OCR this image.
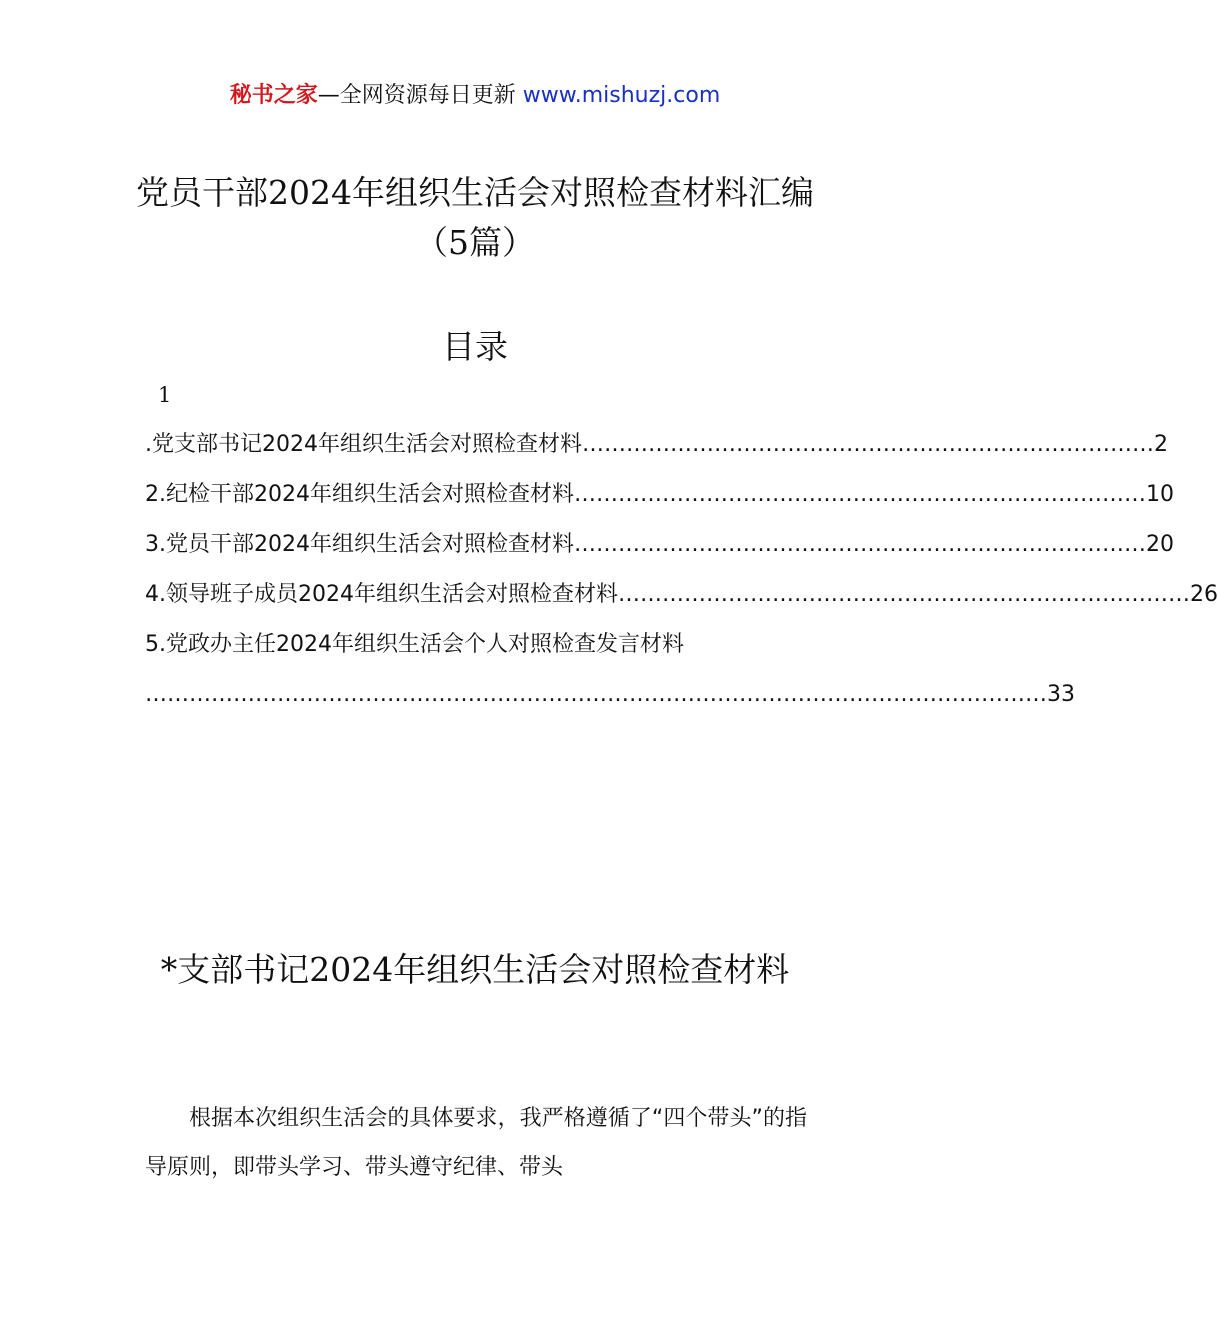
秘书之家—全网资源每日更新 www.mishuzj.com
党员干部2024年组织生活会对照检查材料汇编（5篇）
目录
1
.党支部书记2024年组织生活会对照检查材料 …………………………………………………………………… 2
2.纪检干部2024年组织生活会对照检查材料 …………………………………………………………………… 10
3.党员干部2024年组织生活会对照检查材料 …………………………………………………………………… 20
4.领导班子成员2024年组织生活会对照检查材料 …………………………………………………………………… 26
5.党政办主任2024年组织生活会个人对照检查发言材料
…………………………………………………………………………………………………………… 33
*支部书记2024年组织生活会对照检查材料
根据本次组织生活会的具体要求，我严格遵循了“四个带头”的指导原则，即带头学习、带头遵守纪律、带头
